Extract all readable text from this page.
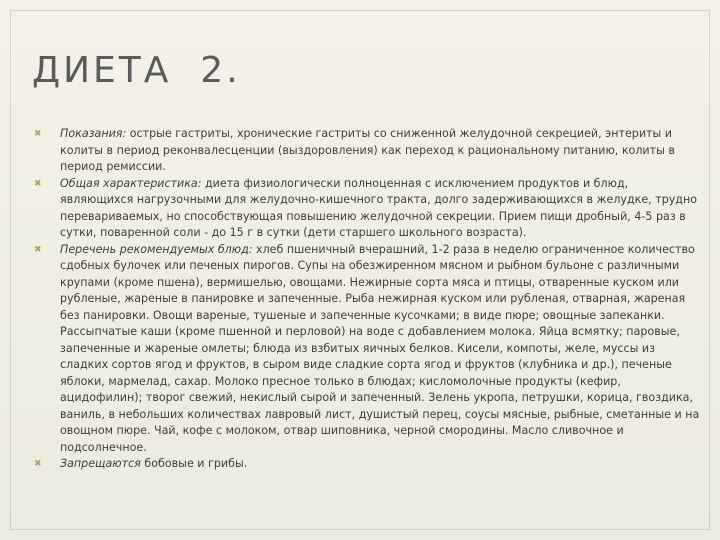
ДИЕТА  2.
✖ Показания: острые гастриты, хронические гастриты со сниженной желудочной секрецией, энтериты и колиты в период реконвалесценции (выздоровления) как переход к рациональному питанию, колиты в период ремиссии.
✖ Общая характеристика: диета физиологически полноценная с исключением продуктов и блюд, являющихся нагрузочными для желудочно-кишечного тракта, долго задерживающихся в желудке, трудно перевариваемых, но способствующая повышению желудочной секреции. Прием пищи дробный, 4-5 раз в сутки, поваренной соли - до 15 г в сутки (дети старшего школьного возраста).
✖ Перечень рекомендуемых блюд: хлеб пшеничный вчерашний, 1-2 раза в неделю ограниченное количество сдобных булочек или печеных пирогов. Супы на обезжиренном мясном и рыбном бульоне с различными крупами (кроме пшена), вермишелью, овощами. Нежирные сорта мяса и птицы, отваренные куском или рубленые, жареные в панировке и запеченные. Рыба нежирная куском или рубленая, отварная, жареная без панировки. Овощи вареные, тушеные и запеченные кусочками; в виде пюре; овощные запеканки. Рассыпчатые каши (кроме пшенной и перловой) на воде с добавлением молока. Яйца всмятку; паровые, запеченные и жареные омлеты; блюда из взбитых яичных белков. Кисели, компоты, желе, муссы из сладких сортов ягод и фруктов, в сыром виде сладкие сорта ягод и фруктов (клубника и др.), печеные яблоки, мармелад, сахар. Молоко пресное только в блюдах; кисломолочные продукты (кефир, ацидофилин); творог свежий, некислый сырой и запеченный. Зелень укропа, петрушки, корица, гвоздика, ваниль, в небольших количествах лавровый лист, душистый перец, соусы мясные, рыбные, сметанные и на овощном пюре. Чай, кофе с молоком, отвар шиповника, черной смородины. Масло сливочное и подсолнечное.
✖ Запрещаются бобовые и грибы.
